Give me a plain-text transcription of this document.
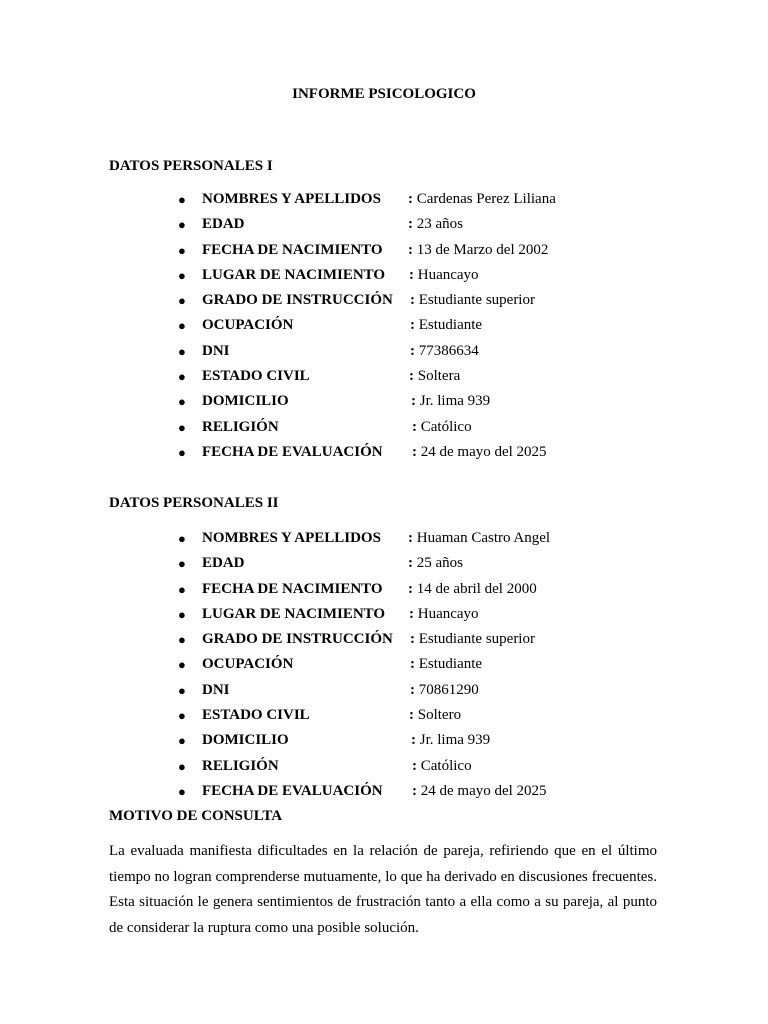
INFORME PSICOLOGICO
DATOS PERSONALES I
● NOMBRES Y APELLIDOS : Cardenas Perez Liliana
● EDAD	: 23 años
● FECHA DE NACIMIENTO : 13 de Marzo del 2002
● LUGAR DE NACIMIENTO : Huancayo
● GRADO DE INSTRUCCIÓN : Estudiante superior
● OCUPACIÓN	: Estudiante
● DNI	: 77386634
● ESTADO CIVIL	: Soltera
● DOMICILIO	: Jr. lima 939
● RELIGIÓN	: Católico
● FECHA DE EVALUACIÓN : 24 de mayo del 2025
DATOS PERSONALES II
● NOMBRES Y APELLIDOS : Huaman Castro Angel
● EDAD	: 25 años
● FECHA DE NACIMIENTO : 14 de abril del 2000
● LUGAR DE NACIMIENTO : Huancayo
● GRADO DE INSTRUCCIÓN : Estudiante superior
● OCUPACIÓN	: Estudiante
● DNI	: 70861290
● ESTADO CIVIL	: Soltero
● DOMICILIO	: Jr. lima 939
● RELIGIÓN	: Católico
● FECHA DE EVALUACIÓN : 24 de mayo del 2025
MOTIVO DE CONSULTA

La evaluada manifiesta dificultades en la relación de pareja, refiriendo que en el último tiempo no logran comprenderse mutuamente, lo que ha derivado en discusiones frecuentes. Esta situación le genera sentimientos de frustración tanto a ella como a su pareja, al punto de considerar la ruptura como una posible solución.
